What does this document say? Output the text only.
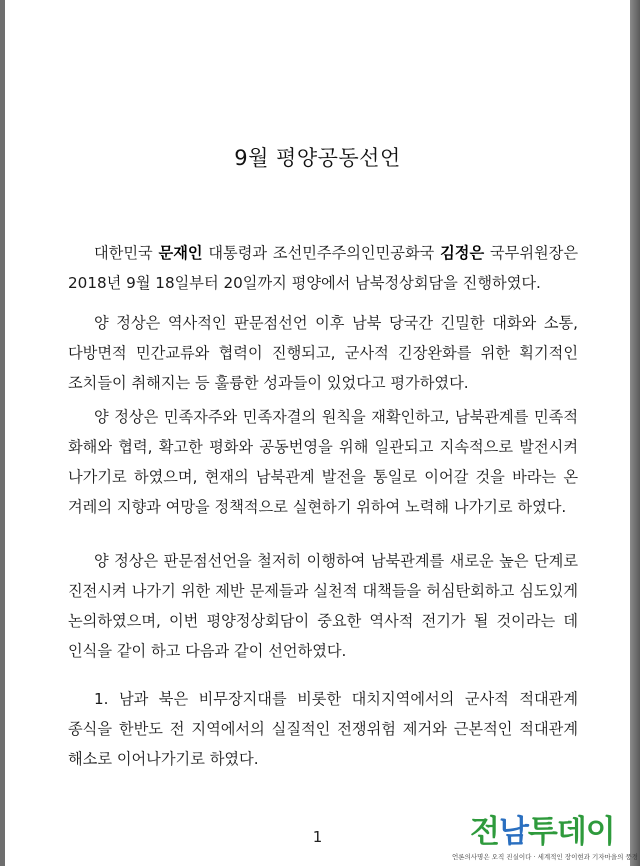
9월 평양공동선언

대한민국 문재인 대통령과 조선민주주의인민공화국 김정은 국무위원장은 2018년 9월 18일부터 20일까지 평양에서 남북정상회담을 진행하였다.

양 정상은 역사적인 판문점선언 이후 남북 당국간 긴밀한 대화와 소통, 다방면적 민간교류와 협력이 진행되고, 군사적 긴장완화를 위한 획기적인 조치들이 취해지는 등 훌륭한 성과들이 있었다고 평가하였다.

양 정상은 민족자주와 민족자결의 원칙을 재확인하고, 남북관계를 민족적 화해와 협력, 확고한 평화와 공동번영을 위해 일관되고 지속적으로 발전시켜 나가기로 하였으며, 현재의 남북관계 발전을 통일로 이어갈 것을 바라는 온 겨레의 지향과 여망을 정책적으로 실현하기 위하여 노력해 나가기로 하였다.

양 정상은 판문점선언을 철저히 이행하여 남북관계를 새로운 높은 단계로 진전시켜 나가기 위한 제반 문제들과 실천적 대책들을 허심탄회하고 심도있게 논의하였으며, 이번 평양정상회담이 중요한 역사적 전기가 될 것이라는 데 인식을 같이 하고 다음과 같이 선언하였다.

1. 남과 북은 비무장지대를 비롯한 대치지역에서의 군사적 적대관계 종식을 한반도 전 지역에서의 실질적인 전쟁위험 제거와 근본적인 적대관계 해소로 이어나가기로 하였다.

1	전남투데이
언론의사명은 오직 진실이다 · 세계적인 장이현과 기자마을의 풍경
